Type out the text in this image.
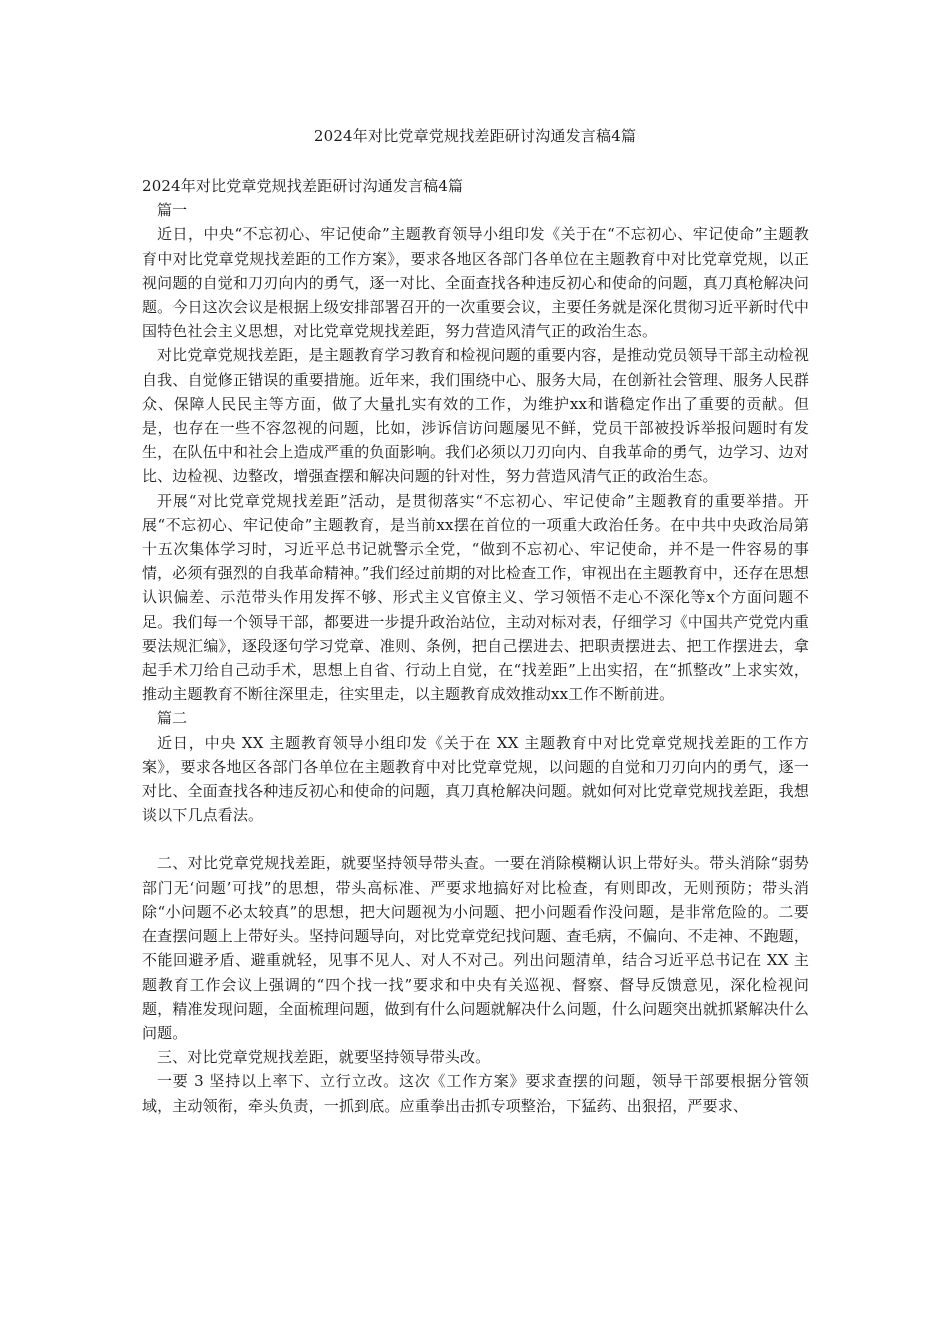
2024年对比党章党规找差距研讨沟通发言稿4篇

2024年对比党章党规找差距研讨沟通发言稿4篇

篇一

近日，中央“不忘初心、牢记使命”主题教育领导小组印发《关于在“不忘初心、牢记使命”主题教育中对比党章党规找差距的工作方案》，要求各地区各部门各单位在主题教育中对比党章党规，以正视问题的自觉和刀刃向内的勇气，逐一对比、全面查找各种违反初心和使命的问题，真刀真枪解决问题。今日这次会议是根据上级安排部署召开的一次重要会议，主要任务就是深化贯彻习近平新时代中国特色社会主义思想，对比党章党规找差距，努力营造风清气正的政治生态。

对比党章党规找差距，是主题教育学习教育和检视问题的重要内容，是推动党员领导干部主动检视自我、自觉修正错误的重要措施。近年来，我们围绕中心、服务大局，在创新社会管理、服务人民群众、保障人民民主等方面，做了大量扎实有效的工作，为维护xx和谐稳定作出了重要的贡献。但是，也存在一些不容忽视的问题，比如，涉诉信访问题屡见不鲜，党员干部被投诉举报问题时有发生，在队伍中和社会上造成严重的负面影响。我们必须以刀刃向内、自我革命的勇气，边学习、边对比、边检视、边整改，增强查摆和解决问题的针对性，努力营造风清气正的政治生态。

开展“对比党章党规找差距”活动，是贯彻落实“不忘初心、牢记使命”主题教育的重要举措。开展“不忘初心、牢记使命”主题教育，是当前xx摆在首位的一项重大政治任务。在中共中央政治局第十五次集体学习时，习近平总书记就警示全党，“做到不忘初心、牢记使命，并不是一件容易的事情，必须有强烈的自我革命精神。”我们经过前期的对比检查工作，审视出在主题教育中，还存在思想认识偏差、示范带头作用发挥不够、形式主义官僚主义、学习领悟不走心不深化等x个方面问题不足。我们每一个领导干部，都要进一步提升政治站位，主动对标对表，仔细学习《中国共产党党内重要法规汇编》，逐段逐句学习党章、准则、条例，把自己摆进去、把职责摆进去、把工作摆进去，拿起手术刀给自己动手术，思想上自省、行动上自觉，在“找差距”上出实招，在“抓整改”上求实效，推动主题教育不断往深里走，往实里走，以主题教育成效推动xx工作不断前进。

篇二

近日，中央 XX 主题教育领导小组印发《关于在 XX 主题教育中对比党章党规找差距的工作方案》，要求各地区各部门各单位在主题教育中对比党章党规，以问题的自觉和刀刃向内的勇气，逐一对比、全面查找各种违反初心和使命的问题，真刀真枪解决问题。就如何对比党章党规找差距，我想谈以下几点看法。

二、对比党章党规找差距，就要坚持领导带头查。一要在消除模糊认识上带好头。带头消除“弱势部门无‘问题’可找”的思想，带头高标准、严要求地搞好对比检查，有则即改，无则预防；带头消除“小问题不必太较真”的思想，把大问题视为小问题、把小问题看作没问题，是非常危险的。二要在查摆问题上上带好头。坚持问题导向，对比党章党纪找问题、查毛病，不偏向、不走神、不跑题，不能回避矛盾、避重就轻，见事不见人、对人不对己。列出问题清单，结合习近平总书记在 XX 主题教育工作会议上强调的“四个找一找”要求和中央有关巡视、督察、督导反馈意见，深化检视问题，精准发现问题，全面梳理问题，做到有什么问题就解决什么问题，什么问题突出就抓紧解决什么问题。

三、对比党章党规找差距，就要坚持领导带头改。

一要 3 坚持以上率下、立行立改。这次《工作方案》要求查摆的问题，领导干部要根据分管领域，主动领衔，牵头负责，一抓到底。应重拳出击抓专项整治，下猛药、出狠招，严要求、
